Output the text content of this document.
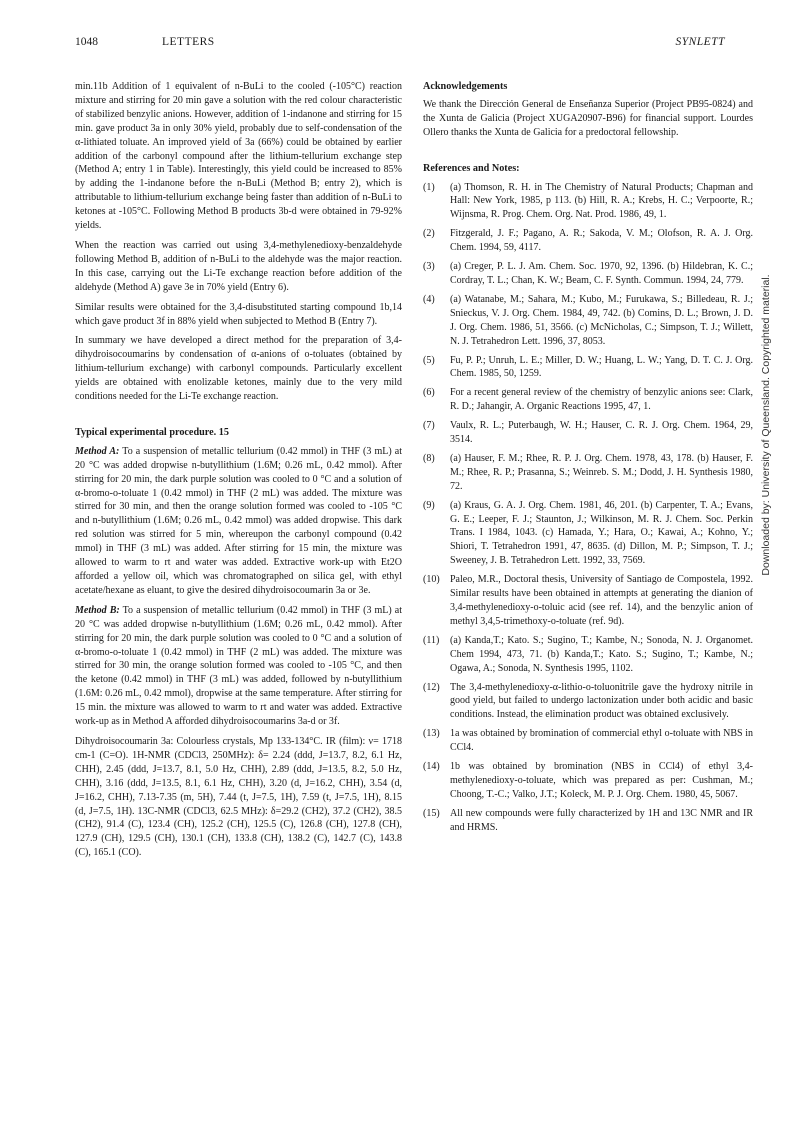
1048	LETTERS	SYNLETT

min.11b Addition of 1 equivalent of n-BuLi to the cooled (-105°C) reaction mixture and stirring for 20 min gave a solution with the red colour characteristic of stabilized benzylic anions. However, addition of 1-indanone and stirring for 15 min. gave product 3a in only 30% yield, probably due to self-condensation of the α-lithiated toluate. An improved yield of 3a (66%) could be obtained by earlier addition of the carbonyl compound after the lithium-tellurium exchange step (Method A; entry 1 in Table). Interestingly, this yield could be increased to 85% by adding the 1-indanone before the n-BuLi (Method B; entry 2), which is attributable to lithium-tellurium exchange being faster than addition of n-BuLi to ketones at -105°C. Following Method B products 3b-d were obtained in 79-92% yields.

When the reaction was carried out using 3,4-methylenedioxy-benzaldehyde following Method B, addition of n-BuLi to the aldehyde was the major reaction. In this case, carrying out the Li-Te exchange reaction before addition of the aldehyde (Method A) gave 3e in 70% yield (Entry 6).

Similar results were obtained for the 3,4-disubstituted starting compound 1b,14 which gave product 3f in 88% yield when subjected to Method B (Entry 7).

In summary we have developed a direct method for the preparation of 3,4-dihydroisocoumarins by condensation of α-anions of o-toluates (obtained by lithium-tellurium exchange) with carbonyl compounds. Particularly excellent yields are obtained with enolizable ketones, mainly due to the very mild conditions needed for the Li-Te exchange reaction.

Typical experimental procedure. 15

Method A: To a suspension of metallic tellurium (0.42 mmol) in THF (3 mL) at 20 °C was added dropwise n-butyllithium (1.6M; 0.26 mL, 0.42 mmol). After stirring for 20 min, the dark purple solution was cooled to 0 °C and a solution of α-bromo-o-toluate 1 (0.42 mmol) in THF (2 mL) was added. The mixture was stirred for 30 min, and then the orange solution formed was cooled to -105 °C and n-butyllithium (1.6M; 0.26 mL, 0.42 mmol) was added dropwise. This dark red solution was stirred for 5 min, whereupon the carbonyl compound (0.42 mmol) in THF (3 mL) was added. After stirring for 15 min, the mixture was allowed to warm to rt and water was added. Extractive work-up with Et2O afforded a yellow oil, which was chromatographed on silica gel, with ethyl acetate/hexane as eluant, to give the desired dihydroisocoumarin 3a or 3e.

Method B: To a suspension of metallic tellurium (0.42 mmol) in THF (3 mL) at 20 °C was added dropwise n-butyllithium (1.6M; 0.26 mL, 0.42 mmol). After stirring for 20 min, the dark purple solution was cooled to 0 °C and a solution of α-bromo-o-toluate 1 (0.42 mmol) in THF (2 mL) was added. The mixture was stirred for 30 min, the orange solution formed was cooled to -105 °C, and then the ketone (0.42 mmol) in THF (3 mL) was added, followed by n-butyllithium (1.6M: 0.26 mL, 0.42 mmol), dropwise at the same temperature. After stirring for 15 min. the mixture was allowed to warm to rt and water was added. Extractive work-up as in Method A afforded dihydroisocoumarins 3a-d or 3f.

Dihydroisocoumarin 3a: Colourless crystals, Mp 133-134°C. IR (film): ν= 1718 cm-1 (C=O). 1H-NMR (CDCl3, 250MHz): δ= 2.24 (ddd, J=13.7, 8.2, 6.1 Hz, CHH), 2.45 (ddd, J=13.7, 8.1, 5.0 Hz, CHH), 2.89 (ddd, J=13.5, 8.2, 5.0 Hz, CHH), 3.16 (ddd, J=13.5, 8.1, 6.1 Hz, CHH), 3.20 (d, J=16.2, CHH), 3.54 (d, J=16.2, CHH), 7.13-7.35 (m, 5H), 7.44 (t, J=7.5, 1H), 7.59 (t, J=7.5, 1H), 8.15 (d, J=7.5, 1H). 13C-NMR (CDCl3, 62.5 MHz): δ=29.2 (CH2), 37.2 (CH2), 38.5 (CH2), 91.4 (C), 123.4 (CH), 125.2 (CH), 125.5 (C), 126.8 (CH), 127.8 (CH), 127.9 (CH), 129.5 (CH), 130.1 (CH), 133.8 (CH), 138.2 (C), 142.7 (C), 143.8 (C), 165.1 (CO).

Acknowledgements

We thank the Dirección General de Enseñanza Superior (Project PB95-0824) and the Xunta de Galicia (Project XUGA20907-B96) for financial support. Lourdes Ollero thanks the Xunta de Galicia for a predoctoral fellowship.

References and Notes:
(1) (a) Thomson, R. H. in The Chemistry of Natural Products; Chapman and Hall: New York, 1985, p 113. (b) Hill, R. A.; Krebs, H. C.; Verpoorte, R.; Wijnsma, R. Prog. Chem. Org. Nat. Prod. 1986, 49, 1.
(2) Fitzgerald, J. F.; Pagano, A. R.; Sakoda, V. M.; Olofson, R. A. J. Org. Chem. 1994, 59, 4117.
(3) (a) Creger, P. L. J. Am. Chem. Soc. 1970, 92, 1396. (b) Hildebran, K. C.; Cordray, T. L.; Chan, K. W.; Beam, C. F. Synth. Commun. 1994, 24, 779.
(4) (a) Watanabe, M.; Sahara, M.; Kubo, M.; Furukawa, S.; Billedeau, R. J.; Snieckus, V. J. Org. Chem. 1984, 49, 742. (b) Comins, D. L.; Brown, J. D. J. Org. Chem. 1986, 51, 3566. (c) McNicholas, C.; Simpson, T. J.; Willett, N. J. Tetrahedron Lett. 1996, 37, 8053.
(5) Fu, P. P.; Unruh, L. E.; Miller, D. W.; Huang, L. W.; Yang, D. T. C. J. Org. Chem. 1985, 50, 1259.
(6) For a recent general review of the chemistry of benzylic anions see: Clark, R. D.; Jahangir, A. Organic Reactions 1995, 47, 1.
(7) Vaulx, R. L.; Puterbaugh, W. H.; Hauser, C. R. J. Org. Chem. 1964, 29, 3514.
(8) (a) Hauser, F. M.; Rhee, R. P. J. Org. Chem. 1978, 43, 178. (b) Hauser, F. M.; Rhee, R. P.; Prasanna, S.; Weinreb. S. M.; Dodd, J. H. Synthesis 1980, 72.
(9) (a) Kraus, G. A. J. Org. Chem. 1981, 46, 201. (b) Carpenter, T. A.; Evans, G. E.; Leeper, F. J.; Staunton, J.; Wilkinson, M. R. J. Chem. Soc. Perkin Trans. I 1984, 1043. (c) Hamada, Y.; Hara, O.; Kawai, A.; Kohno, Y.; Shiori, T. Tetrahedron 1991, 47, 8635. (d) Dillon, M. P.; Simpson, T. J.; Sweeney, J. B. Tetrahedron Lett. 1992, 33, 7569.
(10) Paleo, M.R., Doctoral thesis, University of Santiago de Compostela, 1992. Similar results have been obtained in attempts at generating the dianion of 3,4-methylenedioxy-o-toluic acid (see ref. 14), and the benzylic anion of methyl 3,4,5-trimethoxy-o-toluate (ref. 9d).
(11) (a) Kanda,T.; Kato. S.; Sugino, T.; Kambe, N.; Sonoda, N. J. Organomet. Chem 1994, 473, 71. (b) Kanda,T.; Kato. S.; Sugino, T.; Kambe, N.; Ogawa, A.; Sonoda, N. Synthesis 1995, 1102.
(12) The 3,4-methylenedioxy-α-lithio-o-toluonitrile gave the hydroxy nitrile in good yield, but failed to undergo lactonization under both acidic and basic conditions. Instead, the elimination product was obtained exclusively.
(13) 1a was obtained by bromination of commercial ethyl o-toluate with NBS in CCl4.
(14) 1b was obtained by bromination (NBS in CCl4) of ethyl 3,4-methylenedioxy-o-toluate, which was prepared as per: Cushman, M.; Choong, T.-C.; Valko, J.T.; Koleck, M. P. J. Org. Chem. 1980, 45, 5067.
(15) All new compounds were fully characterized by 1H and 13C NMR and IR and HRMS.
Downloaded by: University of Queensland. Copyrighted material.
